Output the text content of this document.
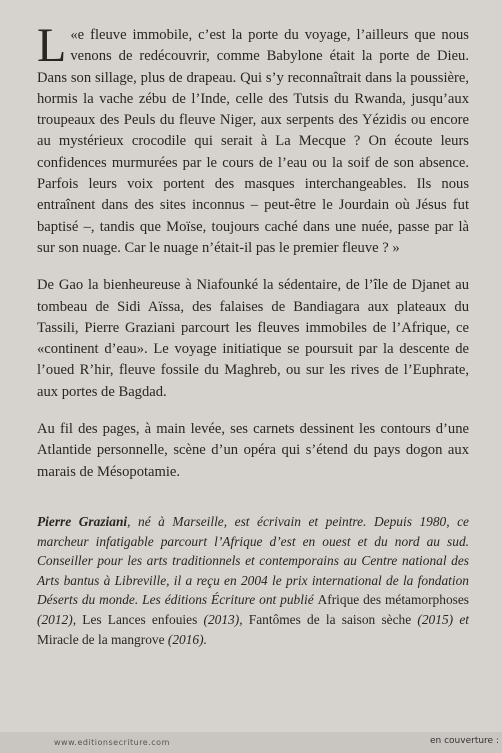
«
L e fleuve immobile, c’est la porte du voyage, l’ailleurs que nous venons de redécouvrir, comme Babylone était la porte de Dieu. Dans son sillage, plus de drapeau. Qui s’y reconnaîtrait dans la poussière, hormis la vache zébu de l’Inde, celle des Tutsis du Rwanda, jusqu’aux troupeaux des Peuls du fleuve Niger, aux serpents des Yézidis ou encore au mystérieux crocodile qui serait à La Mecque ? On écoute leurs confidences murmurées par le cours de l’eau ou la soif de son absence. Parfois leurs voix portent des masques interchangeables. Ils nous entraînent dans des sites inconnus – peut-être le Jourdain où Jésus fut baptisé –, tandis que Moïse, toujours caché dans une nuée, passe par là sur son nuage. Car le nuage n’était-il pas le premier fleuve ? »

De Gao la bienheureuse à Niafounké la sédentaire, de l’île de Djanet au tombeau de Sidi Aïssa, des falaises de Bandiagara aux plateaux du Tassili, Pierre Graziani parcourt les fleuves immobiles de l’Afrique, ce «continent d’eau». Le voyage initiatique se poursuit par la descente de l’oued R’hir, fleuve fossile du Maghreb, ou sur les rives de l’Euphrate, aux portes de Bagdad.

Au fil des pages, à main levée, ses carnets dessinent les contours d’une Atlantide personnelle, scène d’un opéra qui s’étend du pays dogon aux marais de Mésopotamie.

Pierre Graziani, né à Marseille, est écrivain et peintre. Depuis 1980, ce marcheur infatigable parcourt l’Afrique d’est en ouest et du nord au sud. Conseiller pour les arts traditionnels et contemporains au Centre national des Arts bantus à Libreville, il a reçu en 2004 le prix international de la fondation Déserts du monde. Les éditions Écriture ont publié Afrique des métamorphoses (2012), Les Lances enfouies (2013), Fantômes de la saison sèche (2015) et Miracle de la mangrove (2016).

www.editionsecriture.com	en couverture :
